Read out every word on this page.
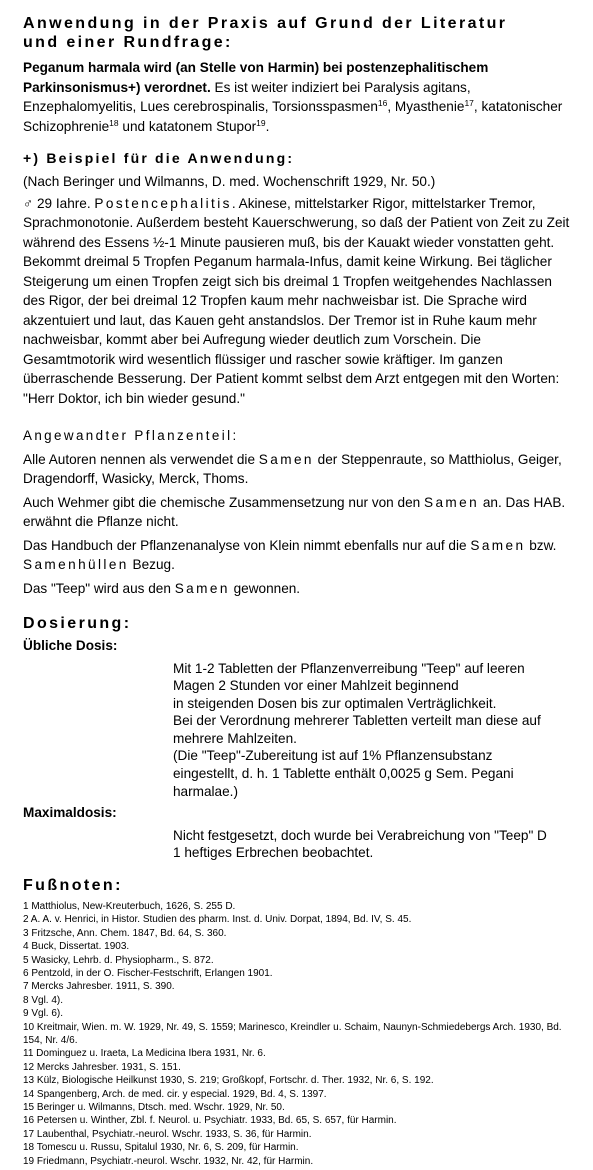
Anwendung in der Praxis auf Grund der Literatur

und einer Rundfrage:

Peganum harmala wird (an Stelle von Harmin) bei postenzephalitischem Parkinsonismus+) verordnet. Es ist weiter indiziert bei Paralysis agitans, Enzephalomyelitis, Lues cerebrospinalis, Torsionsspasmen$^{16}$, Myasthenie$^{17}$, katatonischer Schizophrenie$^{18}$ und katatonem Stupor$^{19}$.

+) Beispiel für die Anwendung:

(Nach Beringer und Wilmanns, D. med. Wochenschrift 1929, Nr. 50.)

♂ 29 Iahre. Postencephalitis. Akinese, mittelstarker Rigor, mittelstarker Tremor, Sprachmonotonie. Außerdem besteht Kauerschwerung, so daß der Patient von Zeit zu Zeit während des Essens ½-1 Minute pausieren muß, bis der Kauakt wieder vonstatten geht. Bekommt dreimal 5 Tropfen Peganum harmala-Infus, damit keine Wirkung. Bei täglicher Steigerung um einen Tropfen zeigt sich bis dreimal 1 Tropfen weitgehendes Nachlassen des Rigor, der bei dreimal 12 Tropfen kaum mehr nachweisbar ist. Die Sprache wird akzentuiert und laut, das Kauen geht anstandslos. Der Tremor ist in Ruhe kaum mehr nachweisbar, kommt aber bei Aufregung wieder deutlich zum Vorschein. Die Gesamtmotorik wird wesentlich flüssiger und rascher sowie kräftiger. Im ganzen überraschende Besserung. Der Patient kommt selbst dem Arzt entgegen mit den Worten: "Herr Doktor, ich bin wieder gesund."

Angewandter Pflanzenteil:

Alle Autoren nennen als verwendet die Samen der Steppenraute, so Matthiolus, Geiger, Dragendorff, Wasicky, Merck, Thoms.

Auch Wehmer gibt die chemische Zusammensetzung nur von den Samen an. Das HAB. erwähnt die Pflanze nicht.

Das Handbuch der Pflanzenanalyse von Klein nimmt ebenfalls nur auf die Samen bzw. Samenhüllen Bezug.

Das "Teep" wird aus den Samen gewonnen.

Dosierung:

Übliche Dosis:

Mit 1-2 Tabletten der Pflanzenverreibung "Teep" auf leeren
Magen 2 Stunden vor einer Mahlzeit beginnend
in steigenden Dosen bis zur optimalen Verträglichkeit.
Bei der Verordnung mehrerer Tabletten verteilt man diese auf
mehrere Mahlzeiten.
(Die "Teep"-Zubereitung ist auf 1% Pflanzensubstanz
eingestellt, d. h. 1 Tablette enthält 0,0025 g Sem. Pegani
harmalae.)

Maximaldosis:

Nicht festgesetzt, doch wurde bei Verabreichung von "Teep" D
1 heftiges Erbrechen beobachtet.

Fußnoten:

1 Matthiolus, New-Kreuterbuch, 1626, S. 255 D.

2 A. A. v. Henrici, in Histor. Studien des pharm. Inst. d. Univ. Dorpat, 1894, Bd. IV, S. 45.

3 Fritzsche, Ann. Chem. 1847, Bd. 64, S. 360.

4 Buck, Dissertat. 1903.

5 Wasicky, Lehrb. d. Physiopharm., S. 872.

6 Pentzold, in der O. Fischer-Festschrift, Erlangen 1901.

7 Mercks Jahresber. 1911, S. 390.

8 Vgl. 4).

9 Vgl. 6).

10 Kreitmair, Wien. m. W. 1929, Nr. 49, S. 1559; Marinesco, Kreindler u. Schaim, Naunyn-Schmiedebergs Arch. 1930, Bd. 154, Nr. 4/6.

11 Dominguez u. Iraeta, La Medicina Ibera 1931, Nr. 6.

12 Mercks Jahresber. 1931, S. 151.

13 Külz, Biologische Heilkunst 1930, S. 219; Großkopf, Fortschr. d. Ther. 1932, Nr. 6, S. 192.

14 Spangenberg, Arch. de med. cir. y especial. 1929, Bd. 4, S. 1397.

15 Beringer u. Wilmanns, Dtsch. med. Wschr. 1929, Nr. 50.

16 Petersen u. Winther, Zbl. f. Neurol. u. Psychiatr. 1933, Bd. 65, S. 657, für Harmin.

17 Laubenthal, Psychiatr.-neurol. Wschr. 1933, S. 36, für Harmin.

18 Tomescu u. Russu, Spitalul 1930, Nr. 6, S. 209, für Harmin.

19 Friedmann, Psychiatr.-neurol. Wschr. 1932, Nr. 42, für Harmin.
